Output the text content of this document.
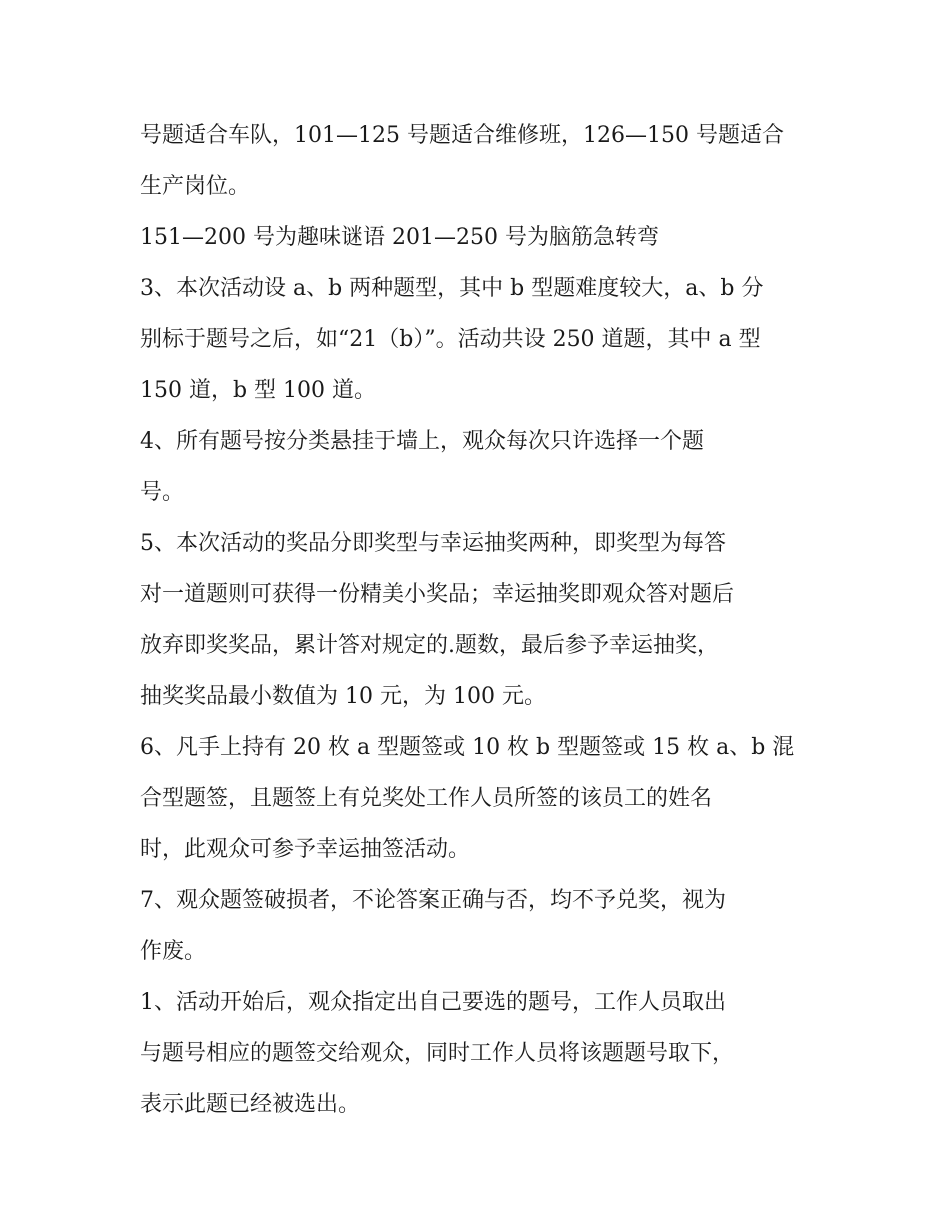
号题适合车队，101—125 号题适合维修班，126—150 号题适合
生产岗位。
151—200 号为趣味谜语 201—250 号为脑筋急转弯
3、本次活动设 a、b 两种题型，其中 b 型题难度较大，a、b 分
别标于题号之后，如“21（b）”。活动共设 250 道题，其中 a 型
150 道，b 型 100 道。
4、所有题号按分类悬挂于墙上，观众每次只许选择一个题
号。
5、本次活动的奖品分即奖型与幸运抽奖两种，即奖型为每答
对一道题则可获得一份精美小奖品；幸运抽奖即观众答对题后
放弃即奖奖品，累计答对规定的.题数，最后参予幸运抽奖，
抽奖奖品最小数值为 10 元，为 100 元。
6、凡手上持有 20 枚 a 型题签或 10 枚 b 型题签或 15 枚 a、b 混
合型题签，且题签上有兑奖处工作人员所签的该员工的姓名
时，此观众可参予幸运抽签活动。
7、观众题签破损者，不论答案正确与否，均不予兑奖，视为
作废。
1、活动开始后，观众指定出自己要选的题号，工作人员取出
与题号相应的题签交给观众，同时工作人员将该题题号取下，
表示此题已经被选出。
